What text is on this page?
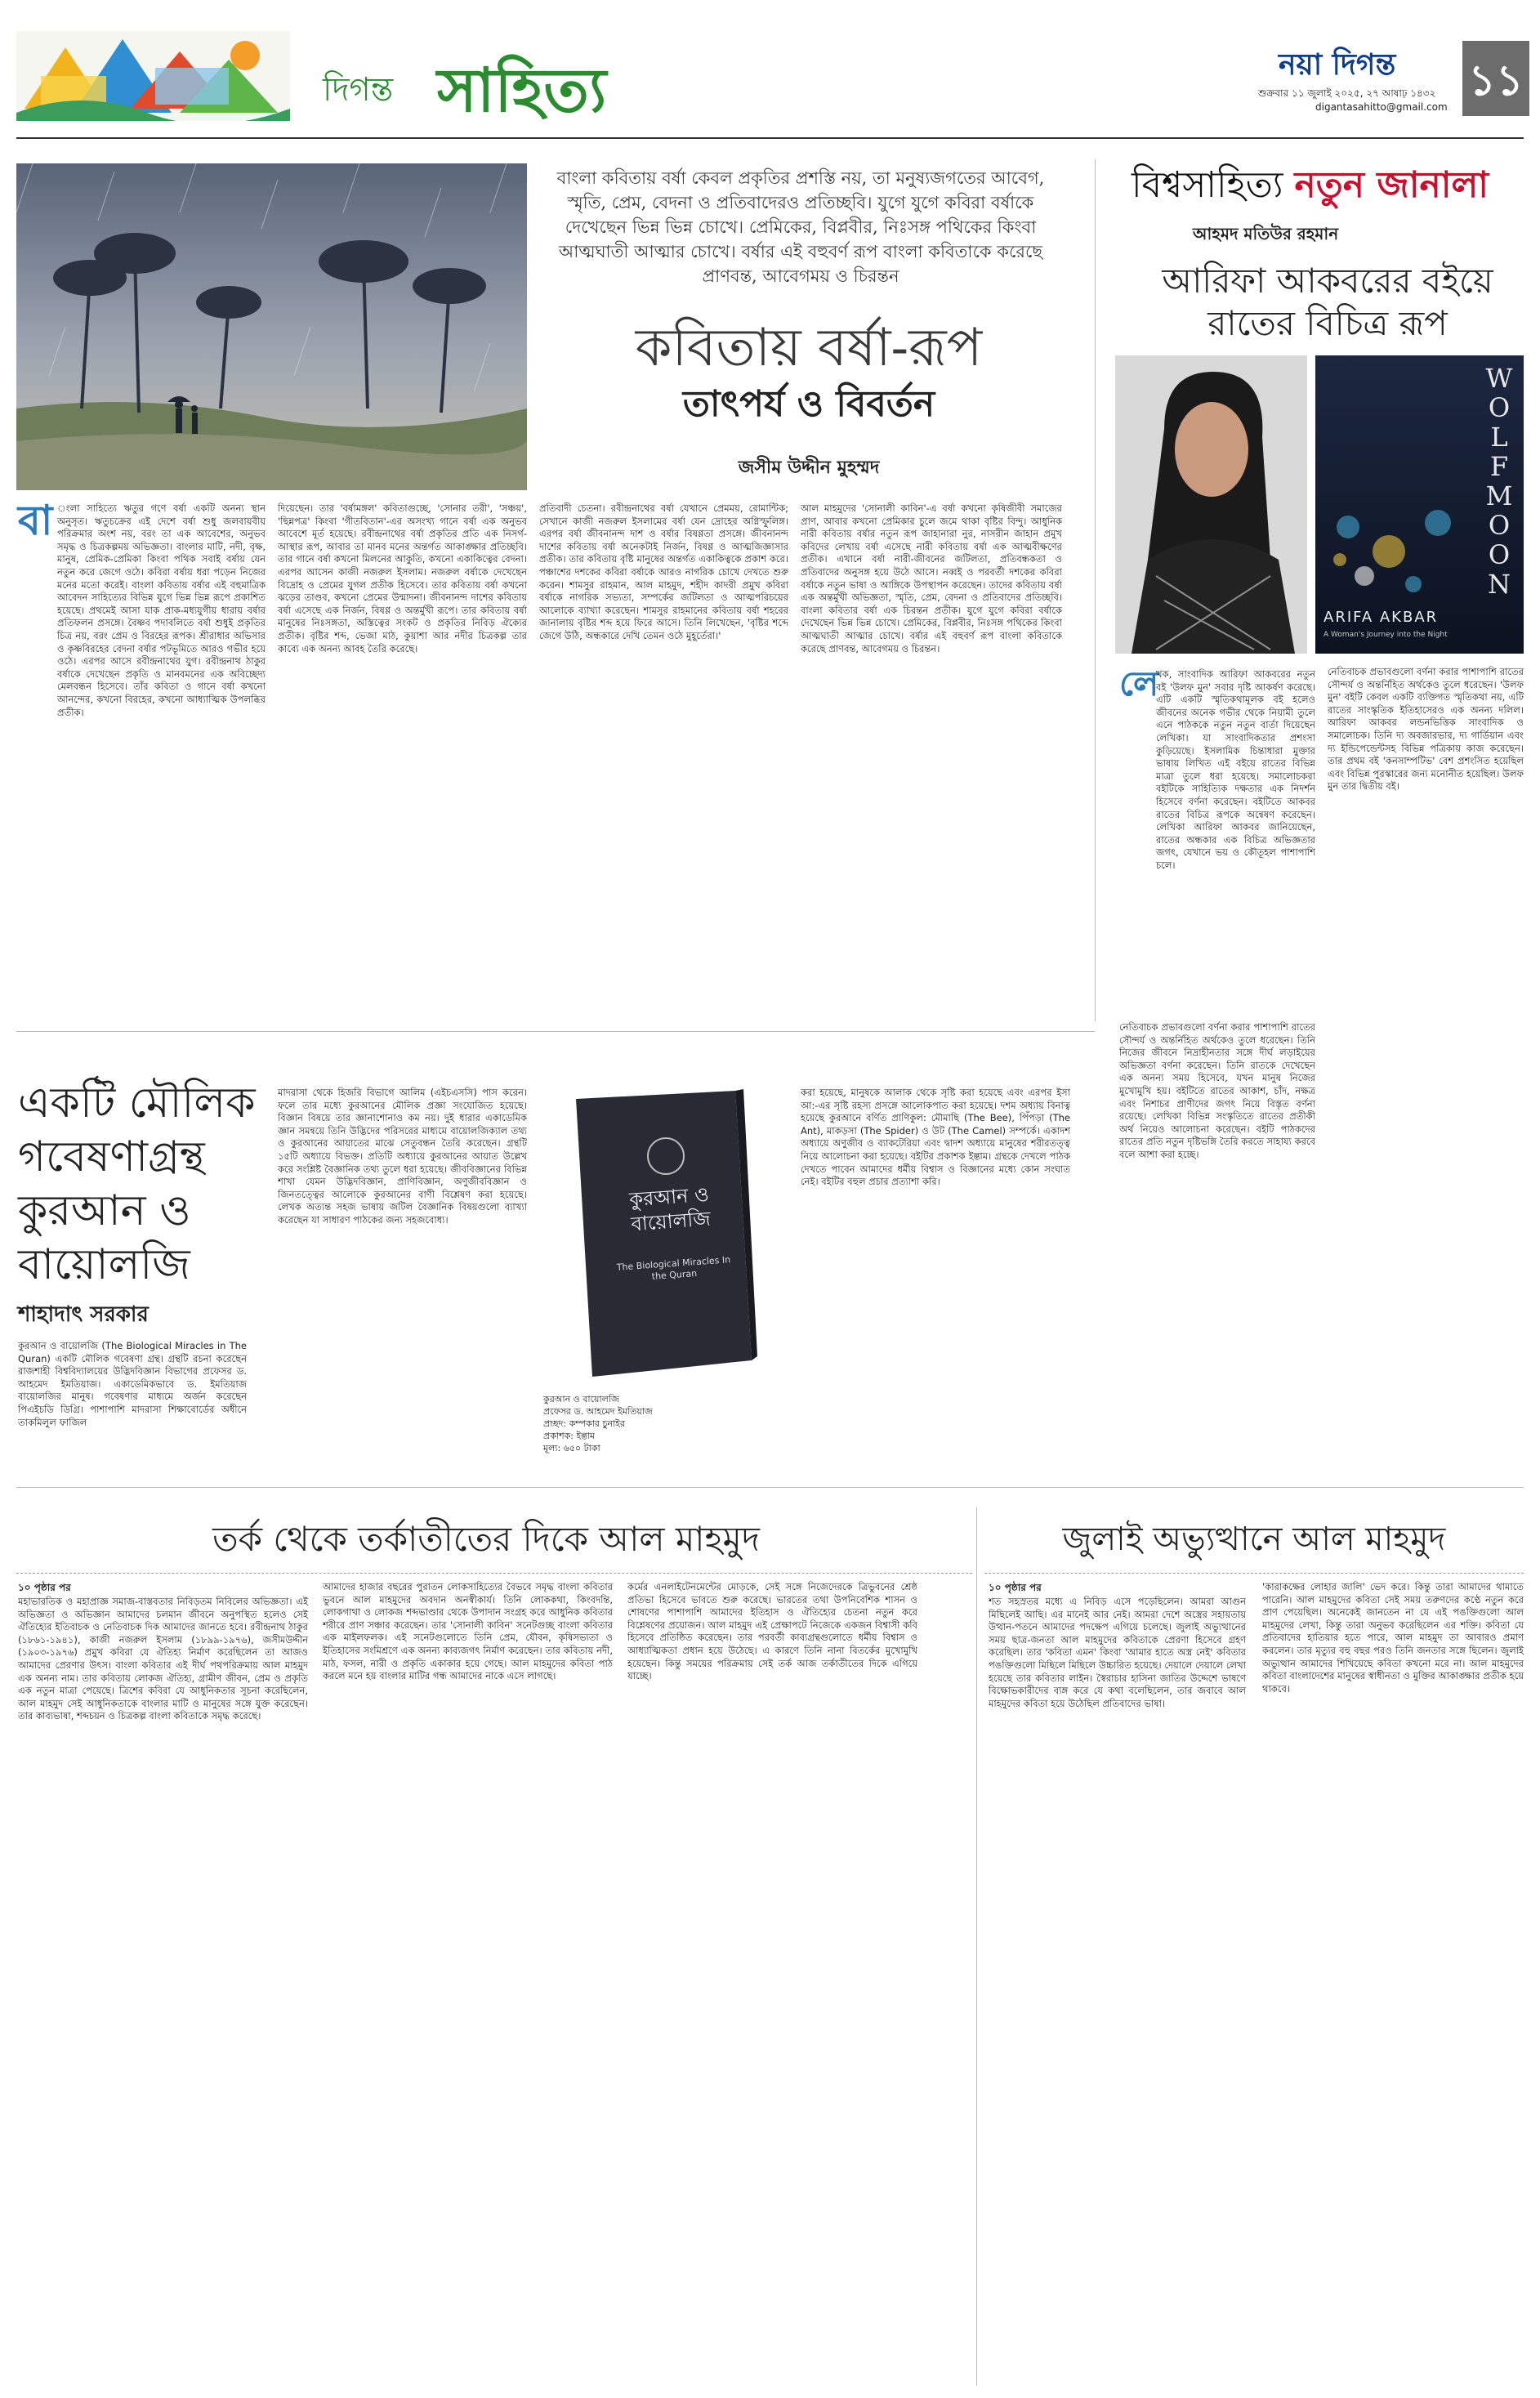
দিগন্ত সাহিত্য	নয়া দিগন্ত ১১
শুক্রবার ১১ জুলাই ২০২৫, ২৭ আষাঢ় ১৪৩২
digantasahitto@gmail.com
বাংলা কবিতায় বর্ষা কেবল প্রকৃতির প্রশস্তি নয়, তা মনুষ্যজগতের আবেগ, স্মৃতি, প্রেম, বেদনা ও প্রতিবাদেরও প্রতিচ্ছবি। যুগে যুগে কবিরা বর্ষাকে দেখেছেন ভিন্ন ভিন্ন চোখে। প্রেমিকের, বিপ্লবীর, নিঃসঙ্গ পথিকের কিংবা আত্মঘাতী আত্মার চোখে। বর্ষার এই বহুবর্ণ রূপ বাংলা কবিতাকে করেছে প্রাণবন্ত, আবেগময় ও চিরন্তন
কবিতায় বর্ষা-রূপ
তাৎপর্য ও বিবর্তন
জসীম উদ্দীন মুহম্মদ
বা ংলা সাহিত্যে ঋতুর গণে বর্ষা একটি অনন্য স্থান অনুসৃত। ঋতুচক্রের এই দেশে বর্ষা শুধু জলবায়বীয় পরিক্রমার অংশ নয়, বরং তা এক আবেশের, অনুভব সমৃদ্ধ ও চিত্রকল্পময় অভিজ্ঞতা। বাংলার মাটি, নদী, বৃক্ষ, মানুষ, প্রেমিক-প্রেমিকা কিংবা পথিক সবাই বর্ষায় যেন নতুন করে জেগে ওঠে। কবিরা বর্ষায় ধরা পড়েন নিজের মনের মতো করেই। বাংলা কবিতায় বর্ষার এই বহুমাত্রিক আবেদন সাহিত্যের বিভিন্ন যুগে ভিন্ন ভিন্ন রূপে প্রকাশিত হয়েছে। প্রথমেই আসা যাক প্রাক-মধ্যযুগীয় ধারায় বর্ষার প্রতিফলন প্রসঙ্গে। বৈষ্ণব পদাবলিতে বর্ষা শুধুই প্রকৃতির চিত্র নয়, বরং প্রেম ও বিরহের রূপক। শ্রীরাধার অভিসার ও কৃষ্ণবিরহের বেদনা বর্ষার পটভূমিতে আরও গভীর হয়ে ওঠে। এরপর আসে রবীন্দ্রনাথের যুগ। রবীন্দ্রনাথ ঠাকুর বর্ষাকে দেখেছেন প্রকৃতি ও মানবমনের এক অবিচ্ছেদ্য মেলবন্ধন হিসেবে। তাঁর কবিতা ও গানে বর্ষা কখনো আনন্দের, কখনো বিরহের, কখনো আধ্যাত্মিক উপলব্ধির প্রতীক।
দিয়েছেন। তার 'বর্ষামঙ্গল' কবিতাগুচ্ছে, 'সোনার তরী', 'সঞ্চয়', 'ছিন্নপত্র' কিংবা 'গীতবিতান'-এর অসংখ্য গানে বর্ষা এক অনুভব আবেশে মূর্ত হয়েছে। রবীন্দ্রনাথের বর্ষা প্রকৃতির প্রতি এক নিসর্গ-আস্থার রূপ, আবার তা মানব মনের অন্তর্গত আকাঙ্ক্ষার প্রতিচ্ছবি। তার গানে বর্ষা কখনো মিলনের আকুতি, কখনো একাকিত্বের বেদনা। এরপর আসেন কাজী নজরুল ইসলাম। নজরুল বর্ষাকে দেখেছেন বিদ্রোহ ও প্রেমের যুগল প্রতীক হিসেবে। তার কবিতায় বর্ষা কখনো ঝড়ের তাণ্ডব, কখনো প্রেমের উন্মাদনা। জীবনানন্দ দাশের কবিতায় বর্ষা এসেছে এক নির্জন, বিষণ্ণ ও অন্তর্মুখী রূপে। তার কবিতায় বর্ষা মানুষের নিঃসঙ্গতা, অস্তিত্বের সংকট ও প্রকৃতির নিবিড় ঐক্যের প্রতীক। বৃষ্টির শব্দ, ভেজা মাঠ, কুয়াশা আর নদীর চিত্রকল্প তার কাব্যে এক অনন্য আবহ তৈরি করেছে।
প্রতিবাদী চেতনা। রবীন্দ্রনাথের বর্ষা যেখানে প্রেমময়, রোমান্টিক; সেখানে কাজী নজরুল ইসলামের বর্ষা যেন দ্রোহের অগ্নিস্ফুলিঙ্গ। এরপর বর্ষা জীবনানন্দ দাশ ও বর্ষার বিষণ্ণতা প্রসঙ্গে। জীবনানন্দ দাশের কবিতায় বর্ষা অনেকটাই নির্জন, বিষণ্ণ ও আত্মজিজ্ঞাসার প্রতীক। তার কবিতায় বৃষ্টি মানুষের অন্তর্গত একাকিত্বকে প্রকাশ করে। পঞ্চাশের দশকের কবিরা বর্ষাকে আরও নাগরিক চোখে দেখতে শুরু করেন। শামসুর রাহমান, আল মাহমুদ, শহীদ কাদরী প্রমুখ কবিরা বর্ষাকে নাগরিক সভ্যতা, সম্পর্কের জটিলতা ও আত্মপরিচয়ের আলোকে ব্যাখ্যা করেছেন। শামসুর রাহমানের কবিতায় বর্ষা শহরের জানালায় বৃষ্টির শব্দ হয়ে ফিরে আসে। তিনি লিখেছেন, 'বৃষ্টির শব্দে জেগে উঠি, অন্ধকারে দেখি তেমন ওঠে মুহূর্তেরা।'
আল মাহমুদের 'সোনালী কাবিন'-এ বর্ষা কখনো কৃষিজীবী সমাজের প্রাণ, আবার কখনো প্রেমিকার চুলে জমে থাকা বৃষ্টির বিন্দু। আধুনিক নারী কবিতায় বর্ষার নতুন রূপ জাহানারা নুর, নাসরীন জাহান প্রমুখ কবিদের লেখায় বর্ষা এসেছে নারী কবিতায় বর্ষা এক আত্মবীক্ষণের প্রতীক। এখানে বর্ষা নারী-জীবনের জটিলতা, প্রতিবন্ধকতা ও প্রতিবাদের অনুসঙ্গ হয়ে উঠে আসে। নব্বই ও পরবর্তী দশকের কবিরা বর্ষাকে নতুন ভাষা ও আঙ্গিকে উপস্থাপন করেছেন। তাদের কবিতায় বর্ষা এক অন্তর্মুখী অভিজ্ঞতা, স্মৃতি, প্রেম, বেদনা ও প্রতিবাদের প্রতিচ্ছবি। বাংলা কবিতার বর্ষা এক চিরন্তন প্রতীক। যুগে যুগে কবিরা বর্ষাকে দেখেছেন ভিন্ন ভিন্ন চোখে। প্রেমিকের, বিপ্লবীর, নিঃসঙ্গ পথিকের কিংবা আত্মঘাতী আত্মার চোখে। বর্ষার এই বহুবর্ণ রূপ বাংলা কবিতাকে করেছে প্রাণবন্ত, আবেগময় ও চিরন্তন।
বিশ্বসাহিত্য নতুন জানালা
আহমদ মতিউর রহমান
আরিফা আকবরের বইয়ে
রাতের বিচিত্র রূপ
WOLF MOON
ARIFA AKBAR
A Woman's Journey into the Night
লে
খক, সাংবাদিক আরিফা আকবরের নতুন বই 'উলফ মুন' সবার দৃষ্টি আকর্ষণ করেছে। এটি একটি স্মৃতিকথামূলক বই হলেও জীবনের অনেক গভীর থেকে নিয়ামী তুলে এনে পাঠককে নতুন নতুন বার্তা দিয়েছেন লেখিকা। যা সাংবাদিকতার প্রশংসা কুড়িয়েছে। ইসলামিক চিন্তাধারা মুক্তার ভাষায় লিখিত এই বইয়ে রাতের বিভিন্ন মাত্রা তুলে ধরা হয়েছে। সমালোচকরা বইটিকে সাহিত্যিক দক্ষতার এক নিদর্শন হিসেবে বর্ণনা করেছেন। বইটিতে আকবর রাতের বিচিত্র রূপকে অন্বেষণ করেছেন। লেখিকা আরিফা আকবর জানিয়েছেন, রাতের অন্ধকার এক বিচিত্র অভিজ্ঞতার জগৎ, যেখানে ভয় ও কৌতূহল পাশাপাশি চলে।
নেতিবাচক প্রভাবগুলো বর্ণনা করার পাশাপাশি রাতের সৌন্দর্য ও অন্তর্নিহিত অর্থকেও তুলে ধরেছেন। তিনি নিজের জীবনে নিদ্রাহীনতার সঙ্গে দীর্ঘ লড়াইয়ের অভিজ্ঞতা বর্ণনা করেছেন। তিনি রাতকে দেখেছেন এক অনন্য সময় হিসেবে, যখন মানুষ নিজের মুখোমুখি হয়। বইটিতে রাতের আকাশ, চাঁদ, নক্ষত্র এবং নিশাচর প্রাণীদের জগৎ নিয়ে বিস্তৃত বর্ণনা রয়েছে। লেখিকা বিভিন্ন সংস্কৃতিতে রাতের প্রতীকী অর্থ নিয়েও আলোচনা করেছেন। বইটি পাঠকদের রাতের প্রতি নতুন দৃষ্টিভঙ্গি তৈরি করতে সাহায্য করবে বলে আশা করা হচ্ছে।
নেতিবাচক প্রভাবগুলো বর্ণনা করার পাশাপাশি রাতের সৌন্দর্য ও অন্তর্নিহিত অর্থকেও তুলে ধরেছেন। 'উলফ মুন' বইটি কেবল একটি ব্যক্তিগত স্মৃতিকথা নয়, এটি রাতের সাংস্কৃতিক ইতিহাসেরও এক অনন্য দলিল। আরিফা আকবর লন্ডনভিত্তিক সাংবাদিক ও সমালোচক। তিনি দ্য অবজারভার, দ্য গার্ডিয়ান এবং দ্য ইন্ডিপেন্ডেন্টসহ বিভিন্ন পত্রিকায় কাজ করেছেন। তার প্রথম বই 'কনসাম্পটিভ' বেশ প্রশংসিত হয়েছিল এবং বিভিন্ন পুরস্কারের জন্য মনোনীত হয়েছিল। উলফ মুন তার দ্বিতীয় বই।
একটি মৌলিক
গবেষণাগ্রন্থ
কুরআন ও
বায়োলজি
শাহাদাৎ সরকার
কুরআন ও বায়োলজি (The Biological Miracles in The Quran) একটি মৌলিক গবেষণা গ্রন্থ। গ্রন্থটি রচনা করেছেন রাজশাহী বিশ্ববিদ্যালয়ের উদ্ভিদবিজ্ঞান বিভাগের প্রফেসর ড. আহমেদ ইমতিয়াজ। একাডেমিকভাবে ড. ইমতিয়াজ বায়োলজির মানুষ। গবেষণার মাধ্যমে অর্জন করেছেন পিএইচডি ডিগ্রি। পাশাপাশি মাদরাসা শিক্ষাবোর্ডের অধীনে তাকমিলুল ফাজিল
মাদরাসা থেকে হিজরি বিভাগে আলিম (এইচএসসি) পাস করেন। ফলে তার মধ্যে কুরআনের মৌলিক প্রজ্ঞা সংযোজিত হয়েছে। বিজ্ঞান বিষয়ে তার জ্ঞানাশোনাও কম নয়। দুই ধারার একাডেমিক জ্ঞান সমন্বয়ে তিনি উদ্ভিদের পরিসরের মাধ্যমে বায়োলজিক্যাল তথ্য ও কুরআনের আয়াতের মাঝে সেতুবন্ধন তৈরি করেছেন। গ্রন্থটি ১৫টি অধ্যায়ে বিভক্ত। প্রতিটি অধ্যায়ে কুরআনের আয়াত উল্লেখ করে সংশ্লিষ্ট বৈজ্ঞানিক তথ্য তুলে ধরা হয়েছে। জীববিজ্ঞানের বিভিন্ন শাখা যেমন উদ্ভিদবিজ্ঞান, প্রাণিবিজ্ঞান, অণুজীববিজ্ঞান ও জিনতত্ত্বের আলোকে কুরআনের বাণী বিশ্লেষণ করা হয়েছে। লেখক অত্যন্ত সহজ ভাষায় জটিল বৈজ্ঞানিক বিষয়গুলো ব্যাখ্যা করেছেন যা সাধারণ পাঠকের জন্য সহজবোধ্য।
কুরআন ও বায়োলজি
The Biological Miracles In the Quran
কুরআন ও বায়োলজি
প্রফেসর ড. আহমেদ ইমতিয়াজ
প্রচ্ছদ: কম্পকার চুনাইর
প্রকাশক: ইল্তাম
মূল্য: ৬৫০ টাকা
করা হয়েছে, মানুষকে আলাক থেকে সৃষ্টি করা হয়েছে এবং এরপর ইসা আ:-এর সৃষ্টি রহস্য প্রসঙ্গে আলোকপাত করা হয়েছে। দশম অধ্যায় বিনাত্ব হয়েছে কুরআনে বর্ণিত প্রাণিকুল: মৌমাছি (The Bee), পিঁপড়া (The Ant), মাকড়সা (The Spider) ও উট (The Camel) সম্পর্কে। একাদশ অধ্যায়ে অণুজীব ও ব্যাকটেরিয়া এবং দ্বাদশ অধ্যায়ে মানুষের শরীরতত্ত্ব নিয়ে আলোচনা করা হয়েছে। বইটির প্রকাশক ইল্তাম। গ্রন্থকে দেখলে পাঠক দেখতে পাবেন আমাদের ধর্মীয় বিশ্বাস ও বিজ্ঞানের মধ্যে কোন সংঘাত নেই। বইটির বহুল প্রচার প্রত্যাশা করি।
তর্ক থেকে তর্কাতীতের দিকে আল মাহমুদ
১০ পৃষ্ঠার পর
মহাভারতিক ও মহাপ্রাজ্ঞ সমাজ-বাস্তবতার নিবিড়তম নিবিলের অভিজ্ঞতা। এই অভিজ্ঞতা ও অভিজ্ঞান আমাদের চলমান জীবনে অনুপস্থিত হলেও সেই ঐতিহ্যের ইতিবাচক ও নেতিবাচক দিক আমাদের জানতে হবে। রবীন্দ্রনাথ ঠাকুর (১৮৬১-১৯৪১), কাজী নজরুল ইসলাম (১৮৯৯-১৯৭৬), জসীমউদ্দীন (১৯০৩-১৯৭৬) প্রমুখ কবিরা যে ঐতিহ্য নির্মাণ করেছিলেন তা আজও আমাদের প্রেরণার উৎস। বাংলা কবিতার এই দীর্ঘ পথপরিক্রমায় আল মাহমুদ এক অনন্য নাম। তার কবিতায় লোকজ ঐতিহ্য, গ্রামীণ জীবন, প্রেম ও প্রকৃতি এক নতুন মাত্রা পেয়েছে। ত্রিশের কবিরা যে আধুনিকতার সূচনা করেছিলেন, আল মাহমুদ সেই আধুনিকতাকে বাংলার মাটি ও মানুষের সঙ্গে যুক্ত করেছেন। তার কাব্যভাষা, শব্দচয়ন ও চিত্রকল্প বাংলা কবিতাকে সমৃদ্ধ করেছে।
আমাদের হাজার বছরের পুরাতন লোকসাহিত্যের বৈভবে সমৃদ্ধ বাংলা কবিতার ভুবনে আল মাহমুদের অবদান অনস্বীকার্য। তিনি লোককথা, কিংবদন্তি, লোকগাথা ও লোকজ শব্দভাণ্ডার থেকে উপাদান সংগ্রহ করে আধুনিক কবিতার শরীরে প্রাণ সঞ্চার করেছেন। তার 'সোনালী কাবিন' সনেটগুচ্ছ বাংলা কবিতার এক মাইলফলক। এই সনেটগুলোতে তিনি প্রেম, যৌবন, কৃষিসভ্যতা ও ইতিহাসের সংমিশ্রণে এক অনন্য কাব্যজগৎ নির্মাণ করেছেন। তার কবিতায় নদী, মাঠ, ফসল, নারী ও প্রকৃতি একাকার হয়ে গেছে। আল মাহমুদের কবিতা পাঠ করলে মনে হয় বাংলার মাটির গন্ধ আমাদের নাকে এসে লাগছে।
কর্মের এনলাইটেনমেন্টের মোড়কে, সেই সঙ্গে নিজেদেরকে ত্রিভুবনের শ্রেষ্ঠ প্রতিভা হিসেবে ভাবতে শুরু করেছে। ভারতের তথা উপনিবেশিক শাসন ও শোষণের পাশাপাশি আমাদের ইতিহাস ও ঐতিহ্যের চেতনা নতুন করে বিশ্লেষণের প্রয়োজন। আল মাহমুদ এই প্রেক্ষাপটে নিজেকে একজন বিশ্বাসী কবি হিসেবে প্রতিষ্ঠিত করেছেন। তার পরবর্তী কাব্যগ্রন্থগুলোতে ধর্মীয় বিশ্বাস ও আধ্যাত্মিকতা প্রধান হয়ে উঠেছে। এ কারণে তিনি নানা বিতর্কের মুখোমুখি হয়েছেন। কিন্তু সময়ের পরিক্রমায় সেই তর্ক আজ তর্কাতীতের দিকে এগিয়ে যাচ্ছে।
জুলাই অভ্যুত্থানে আল মাহমুদ
১০ পৃষ্ঠার পর
শত সহস্রতর মধ্যে এ নিবিড় এসে পড়েছিলেন। আমরা আগুন মিছিলেই আছি। এর মানেই আর নেই। আমরা দেশে অস্ত্রের সহায়তায় উত্থান-পতনে আমাদের পদক্ষেপ এগিয়ে চলেছে। জুলাই অভ্যুত্থানের সময় ছাত্র-জনতা আল মাহমুদের কবিতাকে প্রেরণা হিসেবে গ্রহণ করেছিল। তার 'কবিতা এমন' কিংবা 'আমার হাতে অস্ত্র নেই' কবিতার পঙক্তিগুলো মিছিলে মিছিলে উচ্চারিত হয়েছে। দেয়ালে দেয়ালে লেখা হয়েছে তার কবিতার লাইন। স্বৈরাচার হাসিনা জাতির উদ্দেশে ভাষণে বিক্ষোভকারীদের ব্যঙ্গ করে যে কথা বলেছিলেন, তার জবাবে আল মাহমুদের কবিতা হয়ে উঠেছিল প্রতিবাদের ভাষা।
'কারাকক্ষের লোহার জালি' ভেদ করে। কিন্তু তারা আমাদের থামাতে পারেনি। আল মাহমুদের কবিতা সেই সময় তরুণদের কণ্ঠে নতুন করে প্রাণ পেয়েছিল। অনেকেই জানতেন না যে এই পঙক্তিগুলো আল মাহমুদের লেখা, কিন্তু তারা অনুভব করেছিলেন এর শক্তি। কবিতা যে প্রতিবাদের হাতিয়ার হতে পারে, আল মাহমুদ তা আবারও প্রমাণ করলেন। তার মৃত্যুর বহু বছর পরও তিনি জনতার সঙ্গে ছিলেন। জুলাই অভ্যুত্থান আমাদের শিখিয়েছে কবিতা কখনো মরে না। আল মাহমুদের কবিতা বাংলাদেশের মানুষের স্বাধীনতা ও মুক্তির আকাঙ্ক্ষার প্রতীক হয়ে থাকবে।
